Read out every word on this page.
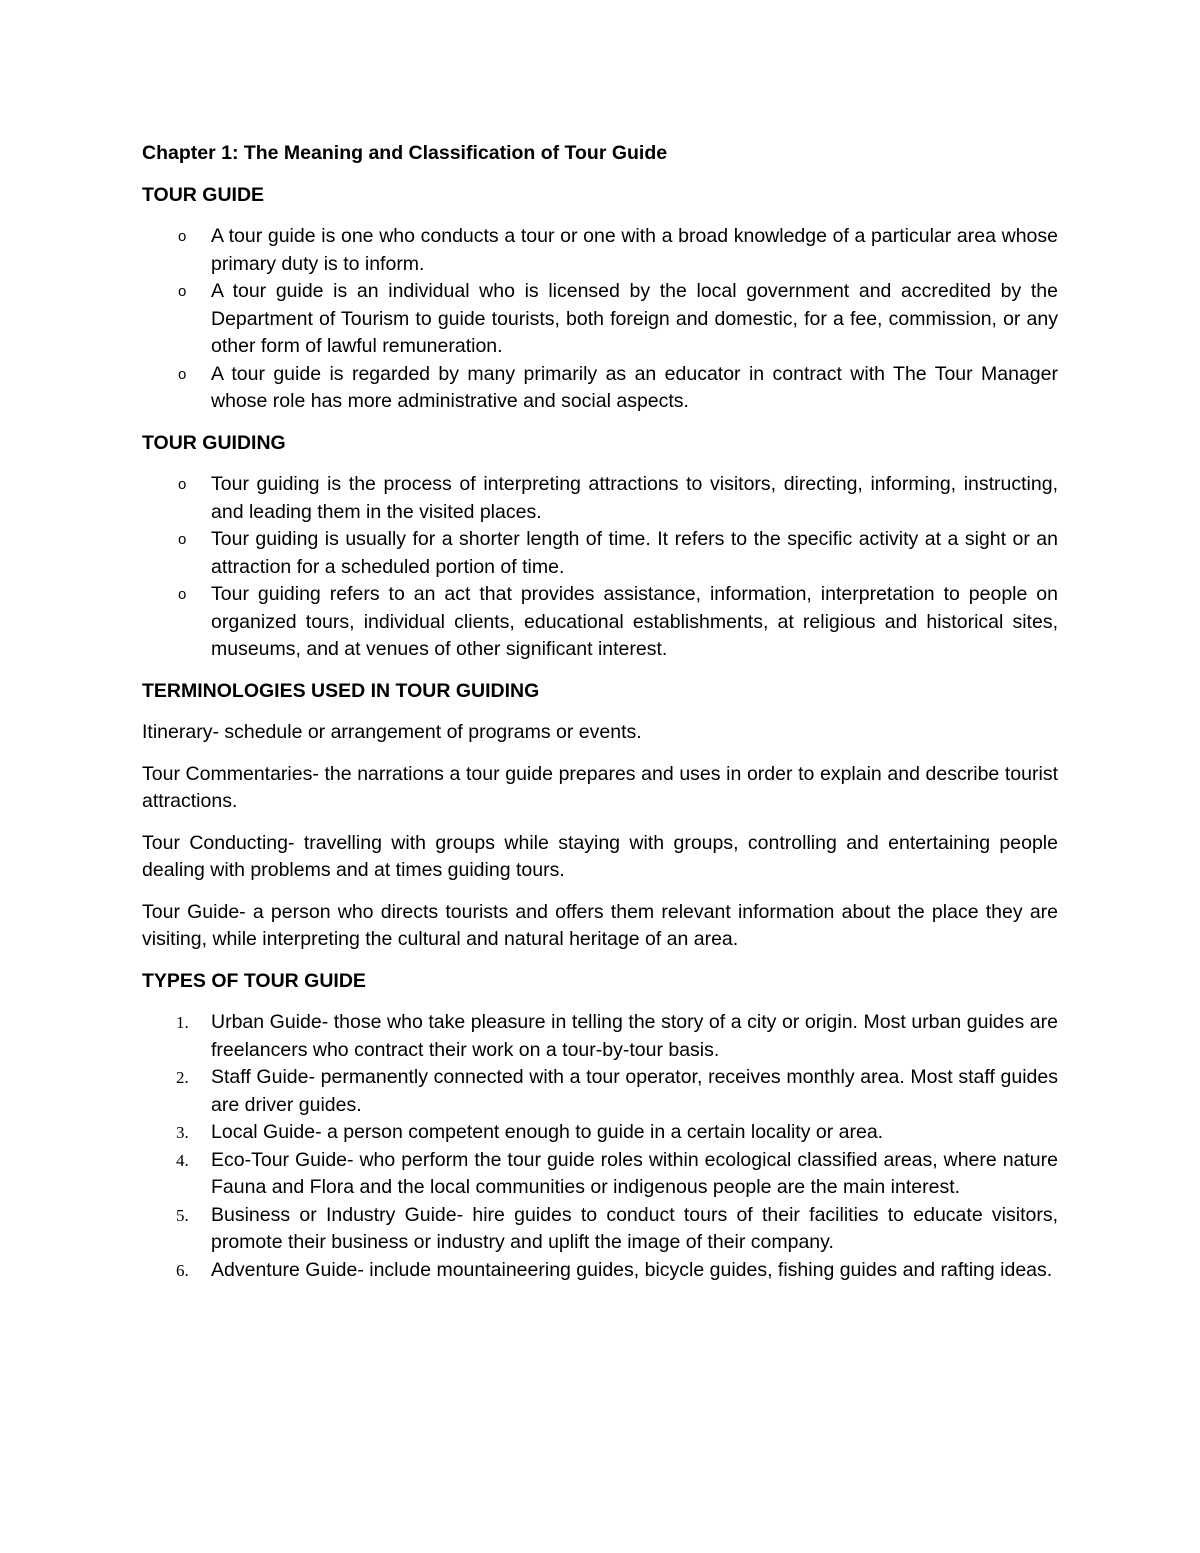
Chapter 1: The Meaning and Classification of Tour Guide
TOUR GUIDE
o A tour guide is one who conducts a tour or one with a broad knowledge of a particular area whose primary duty is to inform.
o A tour guide is an individual who is licensed by the local government and accredited by the Department of Tourism to guide tourists, both foreign and domestic, for a fee, commission, or any other form of lawful remuneration.
o A tour guide is regarded by many primarily as an educator in contract with The Tour Manager whose role has more administrative and social aspects.
TOUR GUIDING
o Tour guiding is the process of interpreting attractions to visitors, directing, informing, instructing, and leading them in the visited places.
o Tour guiding is usually for a shorter length of time. It refers to the specific activity at a sight or an attraction for a scheduled portion of time.
o Tour guiding refers to an act that provides assistance, information, interpretation to people on organized tours, individual clients, educational establishments, at religious and historical sites, museums, and at venues of other significant interest.
TERMINOLOGIES USED IN TOUR GUIDING

Itinerary- schedule or arrangement of programs or events.

Tour Commentaries- the narrations a tour guide prepares and uses in order to explain and describe tourist attractions.

Tour Conducting- travelling with groups while staying with groups, controlling and entertaining people dealing with problems and at times guiding tours.

Tour Guide- a person who directs tourists and offers them relevant information about the place they are visiting, while interpreting the cultural and natural heritage of an area.

TYPES OF TOUR GUIDE
1. Urban Guide- those who take pleasure in telling the story of a city or origin. Most urban guides are freelancers who contract their work on a tour-by-tour basis.
2. Staff Guide- permanently connected with a tour operator, receives monthly area. Most staff guides are driver guides.
3. Local Guide- a person competent enough to guide in a certain locality or area.
4. Eco-Tour Guide- who perform the tour guide roles within ecological classified areas, where nature Fauna and Flora and the local communities or indigenous people are the main interest.
5. Business or Industry Guide- hire guides to conduct tours of their facilities to educate visitors, promote their business or industry and uplift the image of their company.
6. Adventure Guide- include mountaineering guides, bicycle guides, fishing guides and rafting ideas.
